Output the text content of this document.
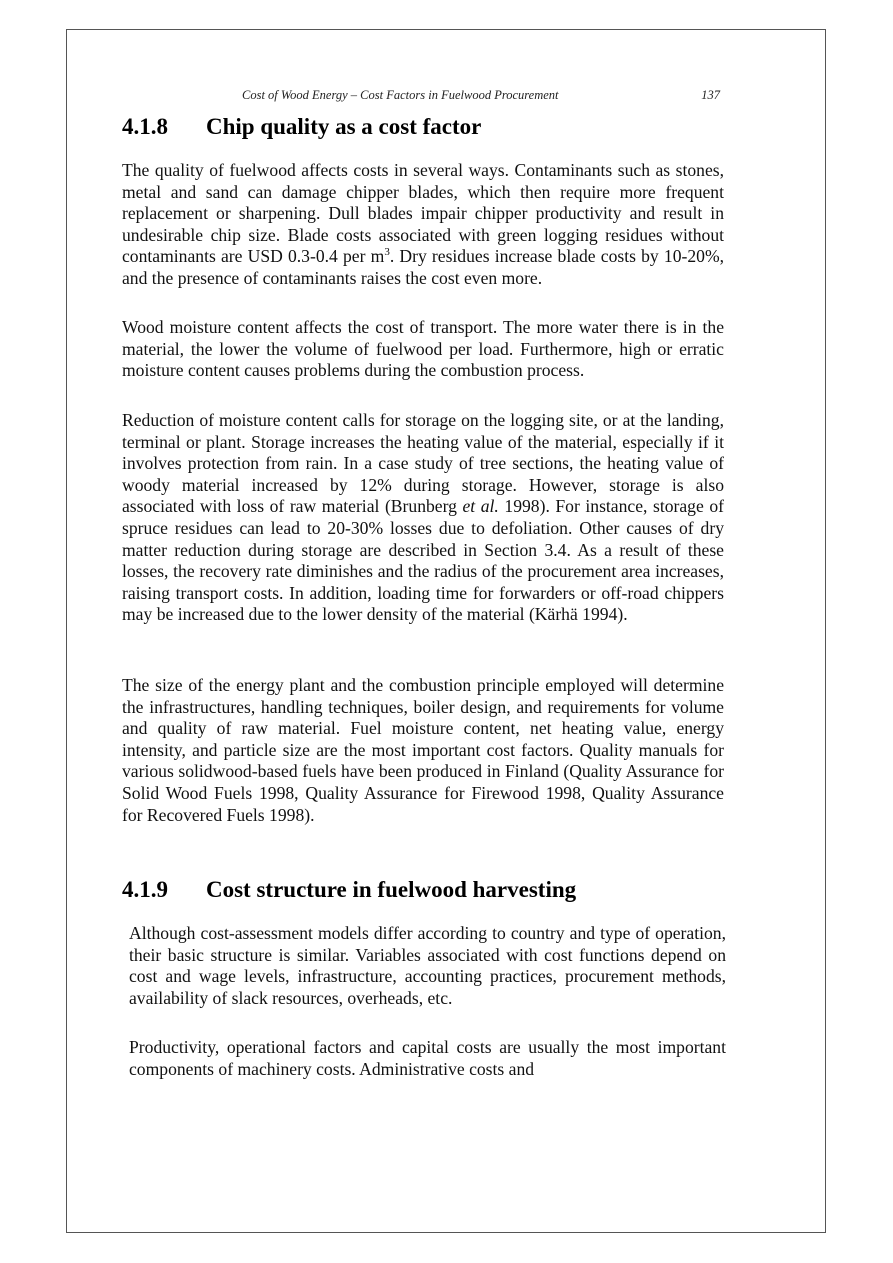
Cost of Wood Energy – Cost Factors in Fuelwood Procurement	137
4.1.8 Chip quality as a cost factor

The quality of fuelwood affects costs in several ways. Contaminants such as stones, metal and sand can damage chipper blades, which then require more frequent replacement or sharpening. Dull blades impair chipper productivity and result in undesirable chip size. Blade costs associated with green logging residues without contaminants are USD 0.3-0.4 per $m^3$. Dry residues increase blade costs by 10-20%, and the presence of contaminants raises the cost even more.

Wood moisture content affects the cost of transport. The more water there is in the material, the lower the volume of fuelwood per load. Furthermore, high or erratic moisture content causes problems during the combustion process.

Reduction of moisture content calls for storage on the logging site, or at the landing, terminal or plant. Storage increases the heating value of the material, especially if it involves protection from rain. In a case study of tree sections, the heating value of woody material increased by 12% during storage. However, storage is also associated with loss of raw material (Brunberg et al. 1998). For instance, storage of spruce residues can lead to 20-30% losses due to defoliation. Other causes of dry matter reduction during storage are described in Section 3.4. As a result of these losses, the recovery rate diminishes and the radius of the procurement area increases, raising transport costs. In addition, loading time for forwarders or off-road chippers may be increased due to the lower density of the material (Kärhä 1994).

The size of the energy plant and the combustion principle employed will determine the infrastructures, handling techniques, boiler design, and requirements for volume and quality of raw material. Fuel moisture content, net heating value, energy intensity, and particle size are the most important cost factors. Quality manuals for various solidwood-based fuels have been produced in Finland (Quality Assurance for Solid Wood Fuels 1998, Quality Assurance for Firewood 1998, Quality Assurance for Recovered Fuels 1998).

4.1.9 Cost structure in fuelwood harvesting

Although cost-assessment models differ according to country and type of operation, their basic structure is similar. Variables associated with cost functions depend on cost and wage levels, infrastructure, accounting practices, procurement methods, availability of slack resources, overheads, etc.

Productivity, operational factors and capital costs are usually the most important components of machinery costs. Administrative costs and
